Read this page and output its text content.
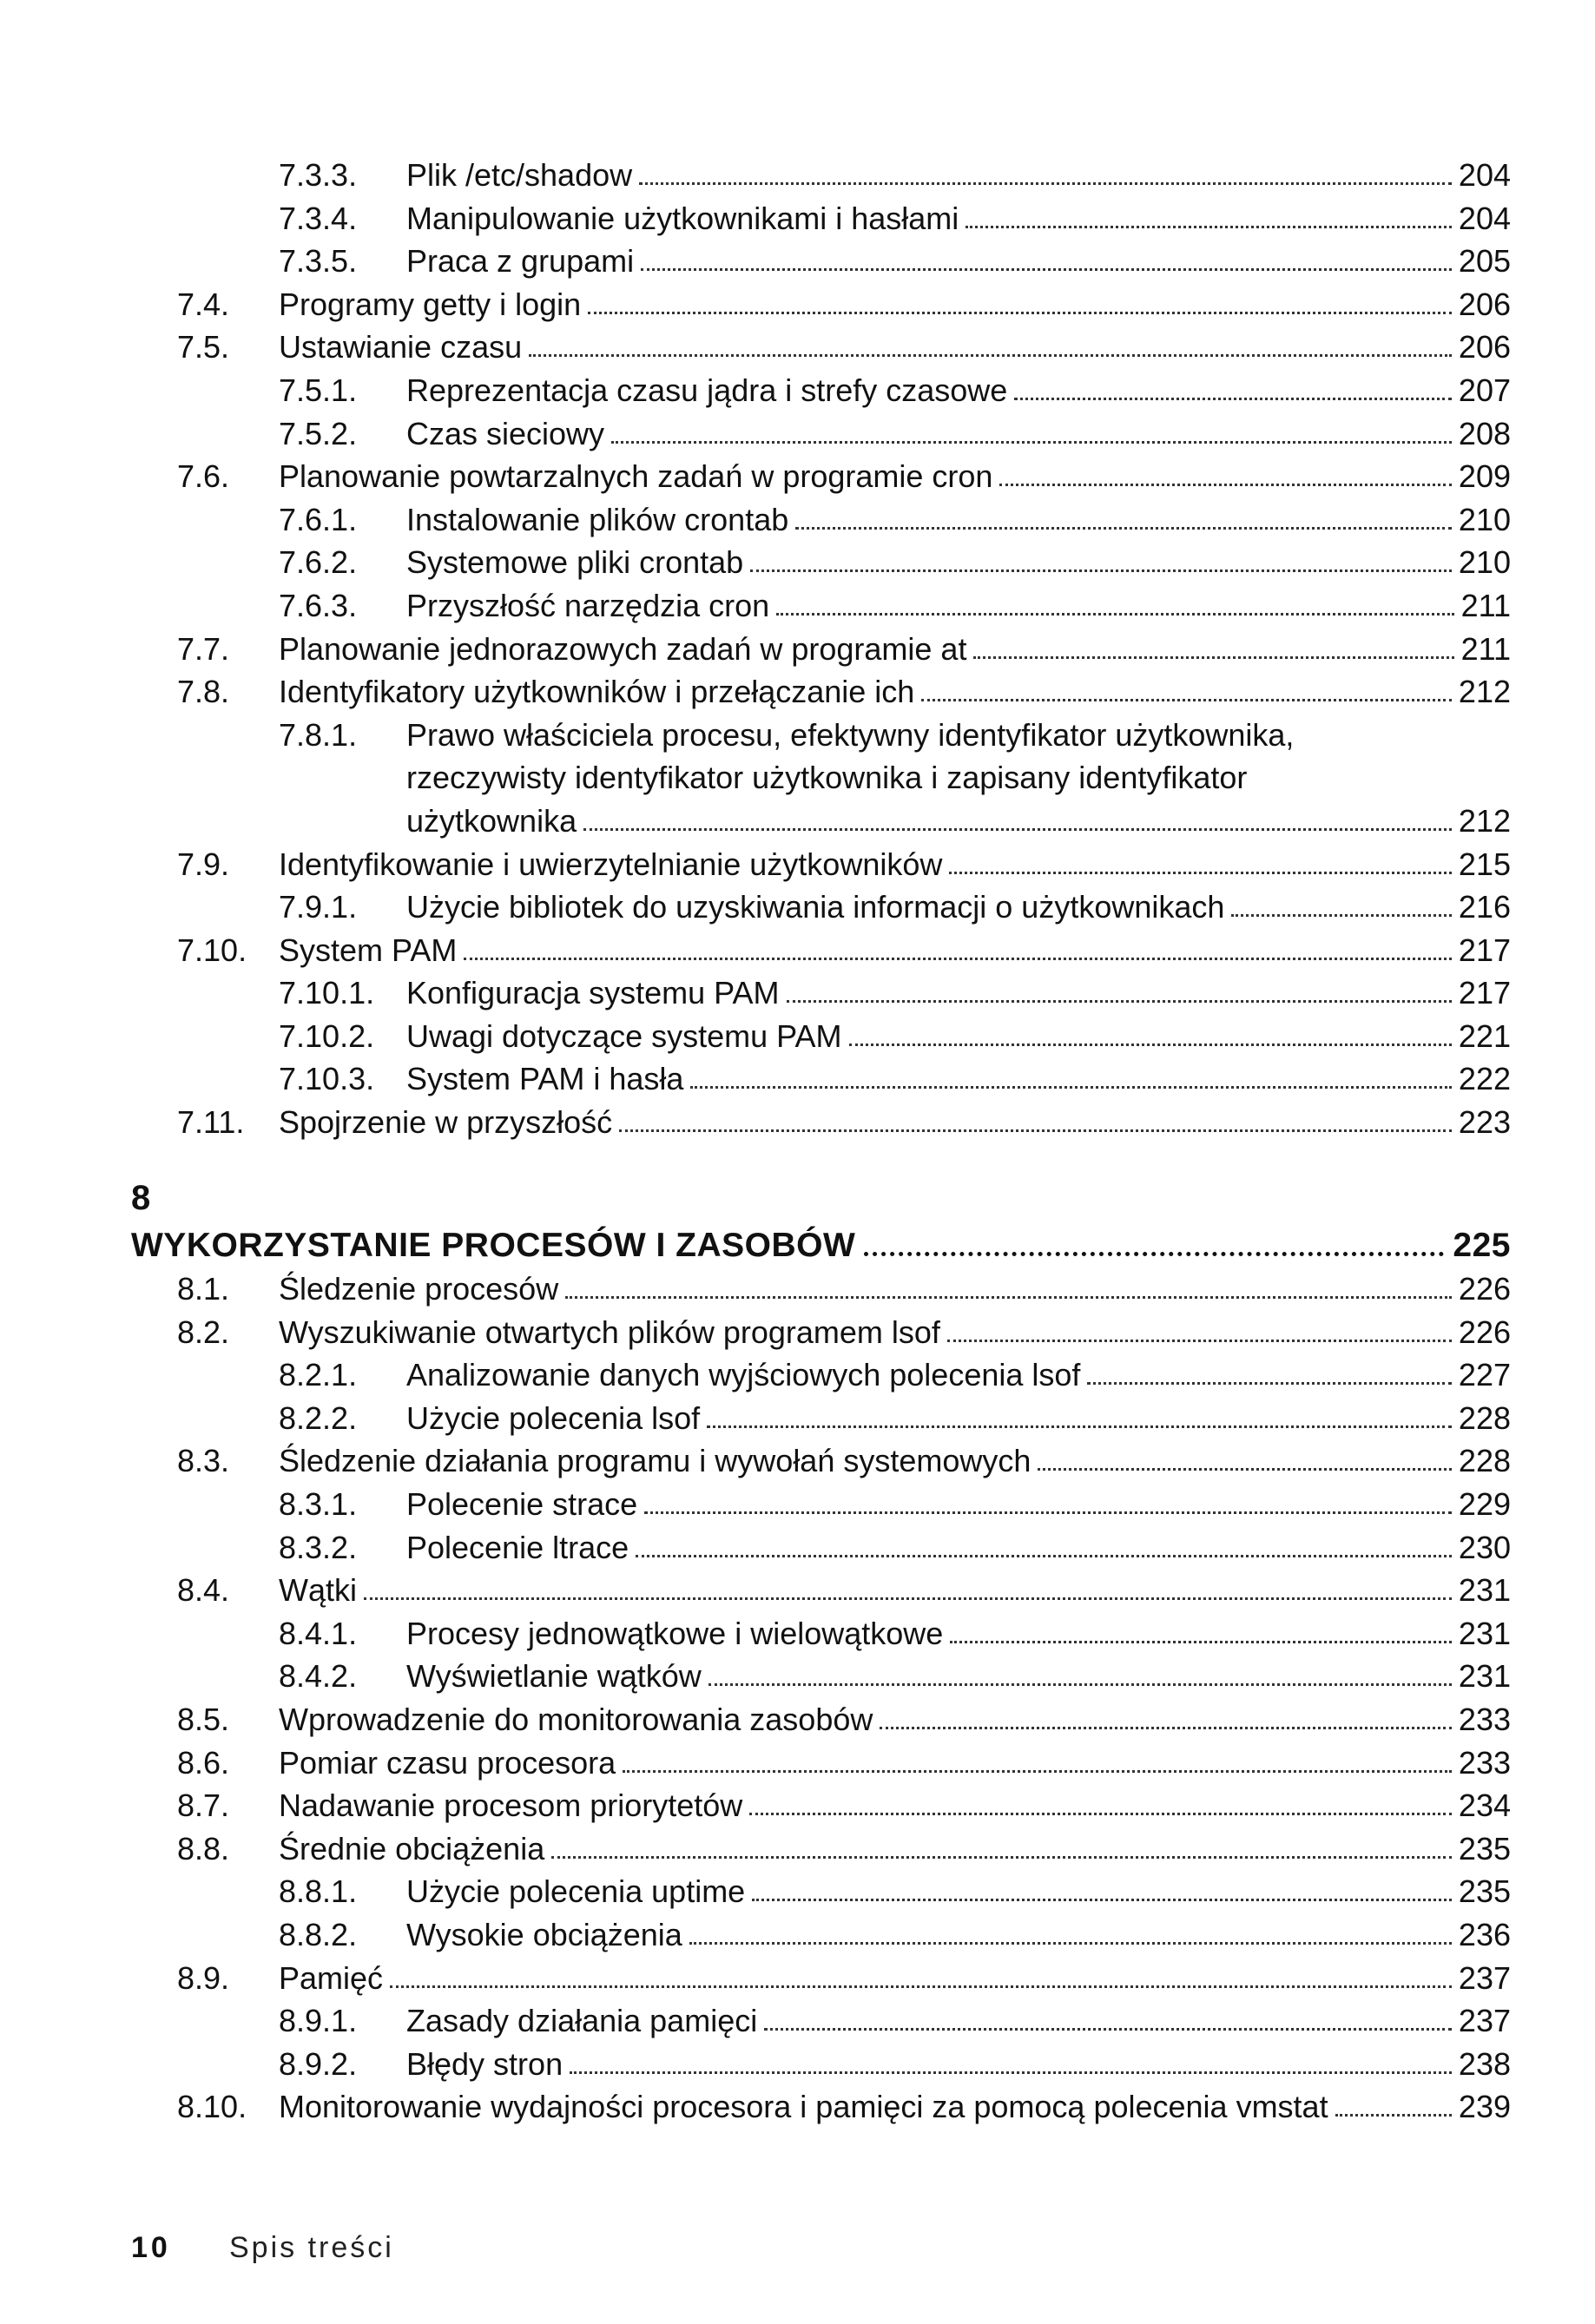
7.3.3. Plik /etc/shadow	204
7.3.4. Manipulowanie użytkownikami i hasłami	204
7.3.5. Praca z grupami	205
7.4. Programy getty i login	206
7.5. Ustawianie czasu	206
7.5.1. Reprezentacja czasu jądra i strefy czasowe	207
7.5.2. Czas sieciowy	208
7.6. Planowanie powtarzalnych zadań w programie cron	209
7.6.1. Instalowanie plików crontab	210
7.6.2. Systemowe pliki crontab	210
7.6.3. Przyszłość narzędzia cron	211
7.7. Planowanie jednorazowych zadań w programie at	211
7.8. Identyfikatory użytkowników i przełączanie ich	212
7.8.1. Prawo właściciela procesu, efektywny identyfikator użytkownika,
rzeczywisty identyfikator użytkownika i zapisany identyfikator
użytkownika	212
7.9. Identyfikowanie i uwierzytelnianie użytkowników	215
7.9.1. Użycie bibliotek do uzyskiwania informacji o użytkownikach	216
7.10. System PAM	217
7.10.1. Konfiguracja systemu PAM	217
7.10.2. Uwagi dotyczące systemu PAM	221
7.10.3. System PAM i hasła	222
7.11. Spojrzenie w przyszłość	223
8
WYKORZYSTANIE PROCESÓW I ZASOBÓW	225
8.1. Śledzenie procesów	226
8.2. Wyszukiwanie otwartych plików programem lsof	226
8.2.1. Analizowanie danych wyjściowych polecenia lsof	227
8.2.2. Użycie polecenia lsof	228
8.3. Śledzenie działania programu i wywołań systemowych	228
8.3.1. Polecenie strace	229
8.3.2. Polecenie ltrace	230
8.4. Wątki	231
8.4.1. Procesy jednowątkowe i wielowątkowe	231
8.4.2. Wyświetlanie wątków	231
8.5. Wprowadzenie do monitorowania zasobów	233
8.6. Pomiar czasu procesora	233
8.7. Nadawanie procesom priorytetów	234
8.8. Średnie obciążenia	235
8.8.1. Użycie polecenia uptime	235
8.8.2. Wysokie obciążenia	236
8.9. Pamięć	237
8.9.1. Zasady działania pamięci	237
8.9.2. Błędy stron	238
8.10. Monitorowanie wydajności procesora i pamięci za pomocą polecenia vmstat	239
10 Spis treści
